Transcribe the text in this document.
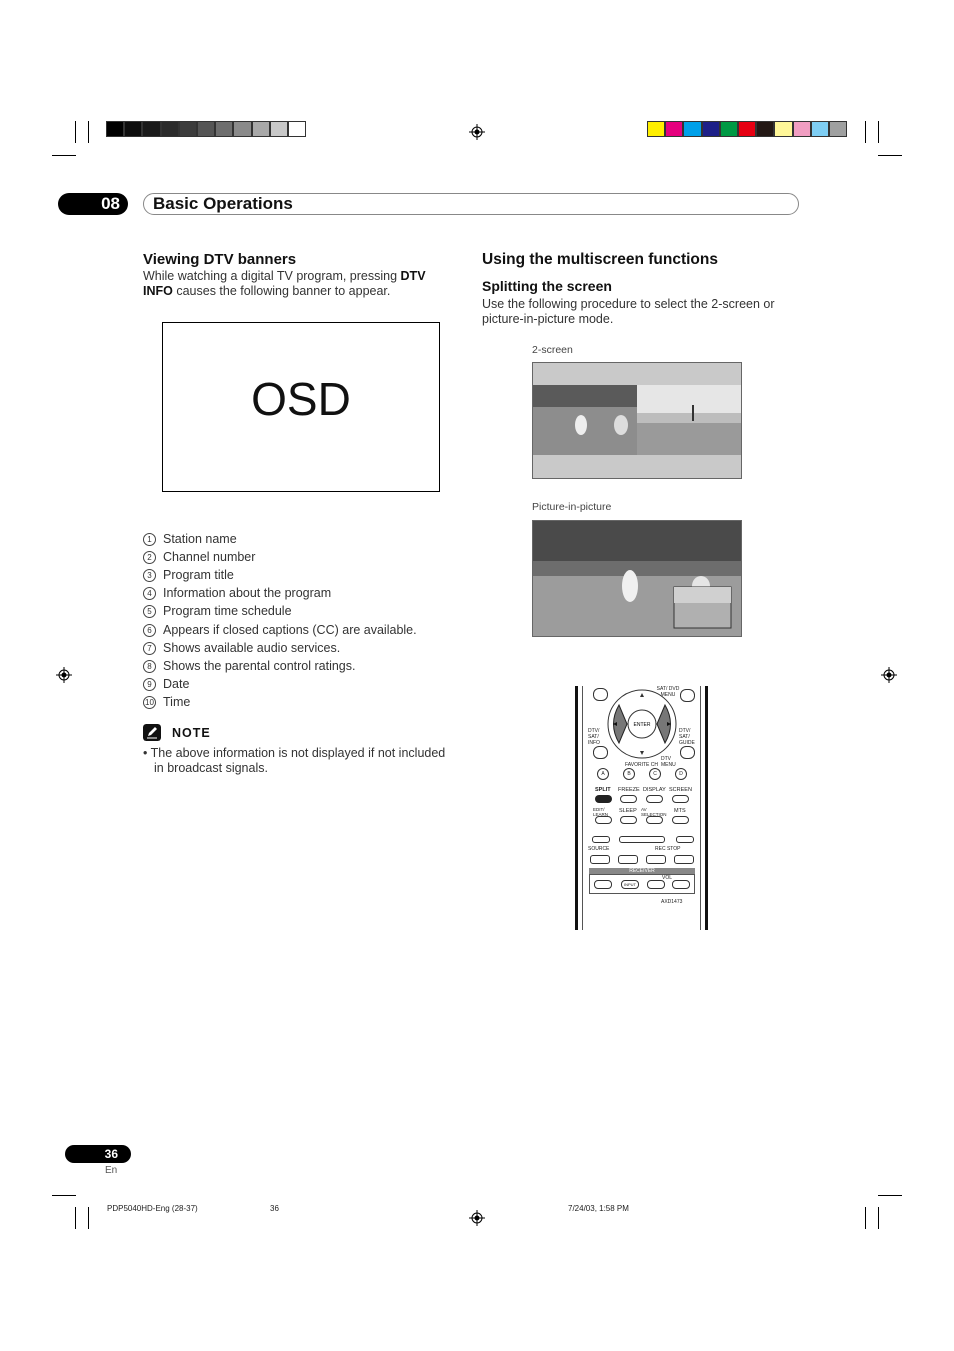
08	Basic Operations
Viewing DTV banners
While watching a digital TV program, pressing DTV INFO causes the following banner to appear.
OSD
1 Station name
2 Channel number
3 Program title
4 Information about the program
5 Program time schedule
6 Appears if closed captions (CC) are available.
7 Shows available audio services.
8 Shows the parental control ratings.
9 Date
10 Time
NOTE
• The above information is not displayed if not included
in broadcast signals.
Using the multiscreen functions
Splitting the screen
Use the following procedure to select the 2-screen or
picture-in-picture mode.
2-screen
Picture-in-picture
SAT/ DVD MENU
ENTER
DTV/ SAT/ INFO
DTV/ SAT/ GUIDE
FAVORITE CH
DTV MENU
A	B	C	D
SPLIT FREEZE DISPLAY SCREEN
EDIT/ LEARN
SLEEP AV SELECTION
MTS
SOURCE	REC STOP
RECEIVER
VOL
INPUT
AXD1473
36
En
PDP5040HD-Eng (28-37)	36	7/24/03, 1:58 PM
